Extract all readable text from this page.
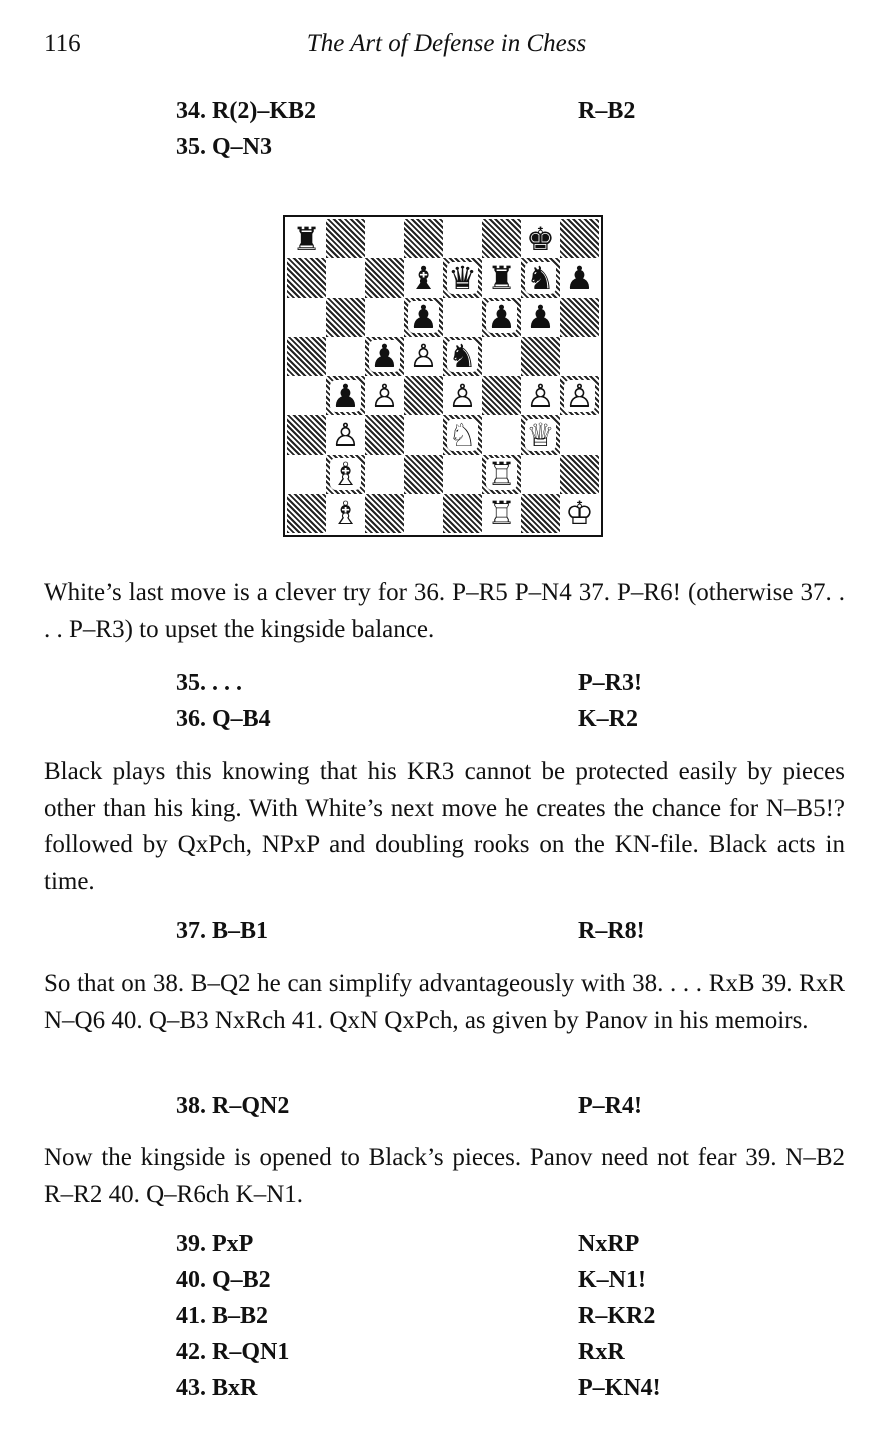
116	The Art of Defense in Chess
34. R(2)–KB2	R–B2
35. Q–N3
♜	♚
♝ ♛ ♜ ♞ ♟
♟ ♟ ♟
♟ ♙ ♞
♟ ♙ ♙ ♙ ♙
♙	♘ ♕
♗	♖
♗	♖ ♔
White’s last move is a clever try for 36. P–R5 P–N4 37. P–R6! (otherwise 37. . . . P–R3) to upset the kingside balance.
35. . . .	P–R3!
36. Q–B4	K–R2
Black plays this knowing that his KR3 cannot be protected easily by pieces other than his king. With White’s next move he creates the chance for N–B5!? followed by QxPch, NPxP and doubling rooks on the KN-file. Black acts in time.
37. B–B1	R–R8!
So that on 38. B–Q2 he can simplify advantageously with 38. . . . RxB 39. RxR N–Q6 40. Q–B3 NxRch 41. QxN QxPch, as given by Panov in his memoirs.
38. R–QN2	P–R4!
Now the kingside is opened to Black’s pieces. Panov need not fear 39. N–B2 R–R2 40. Q–R6ch K–N1.
39. PxP	NxRP
40. Q–B2	K–N1!
41. B–B2	R–KR2
42. R–QN1	RxR
43. BxR	P–KN4!
